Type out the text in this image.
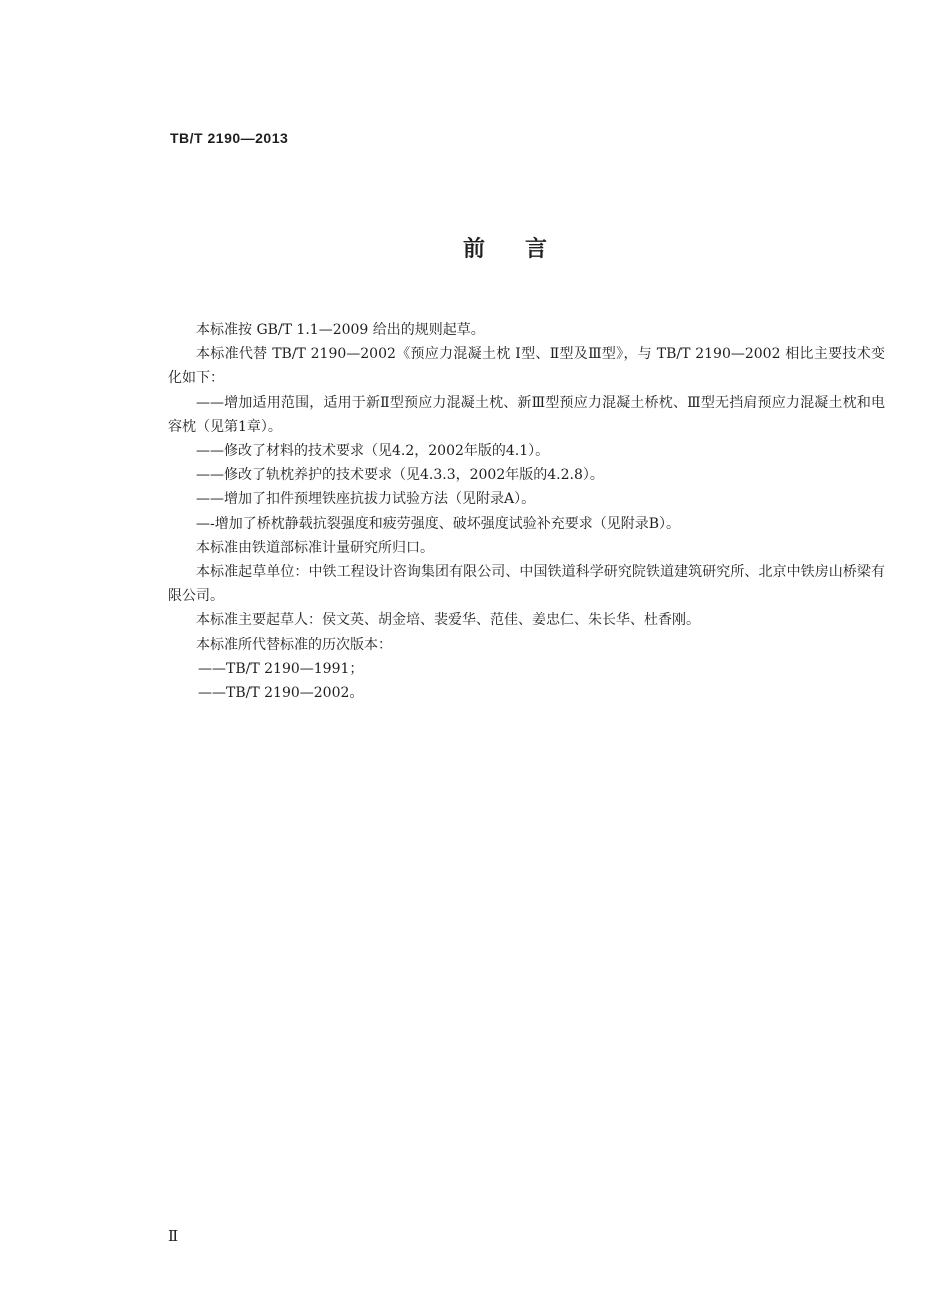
TB/T 2190—2013
前言

本标准按 GB/T 1.1—2009 给出的规则起草。

本标准代替 TB/T 2190—2002《预应力混凝土枕 Ⅰ型、Ⅱ型及Ⅲ型》，与 TB/T 2190—2002 相比主要技术变化如下：

——增加适用范围，适用于新Ⅱ型预应力混凝土枕、新Ⅲ型预应力混凝土桥枕、Ⅲ型无挡肩预应力混凝土枕和电容枕（见第1章）。

——修改了材料的技术要求（见4.2，2002年版的4.1）。

——修改了轨枕养护的技术要求（见4.3.3，2002年版的4.2.8）。

——增加了扣件预埋铁座抗拔力试验方法（见附录A）。

—-增加了桥枕静载抗裂强度和疲劳强度、破坏强度试验补充要求（见附录B）。

本标准由铁道部标准计量研究所归口。

本标准起草单位：中铁工程设计咨询集团有限公司、中国铁道科学研究院铁道建筑研究所、北京中铁房山桥梁有限公司。

本标准主要起草人：侯文英、胡金培、裴爱华、范佳、姜忠仁、朱长华、杜香刚。

本标准所代替标准的历次版本：

——TB/T 2190—1991；

——TB/T 2190—2002。

Ⅱ
